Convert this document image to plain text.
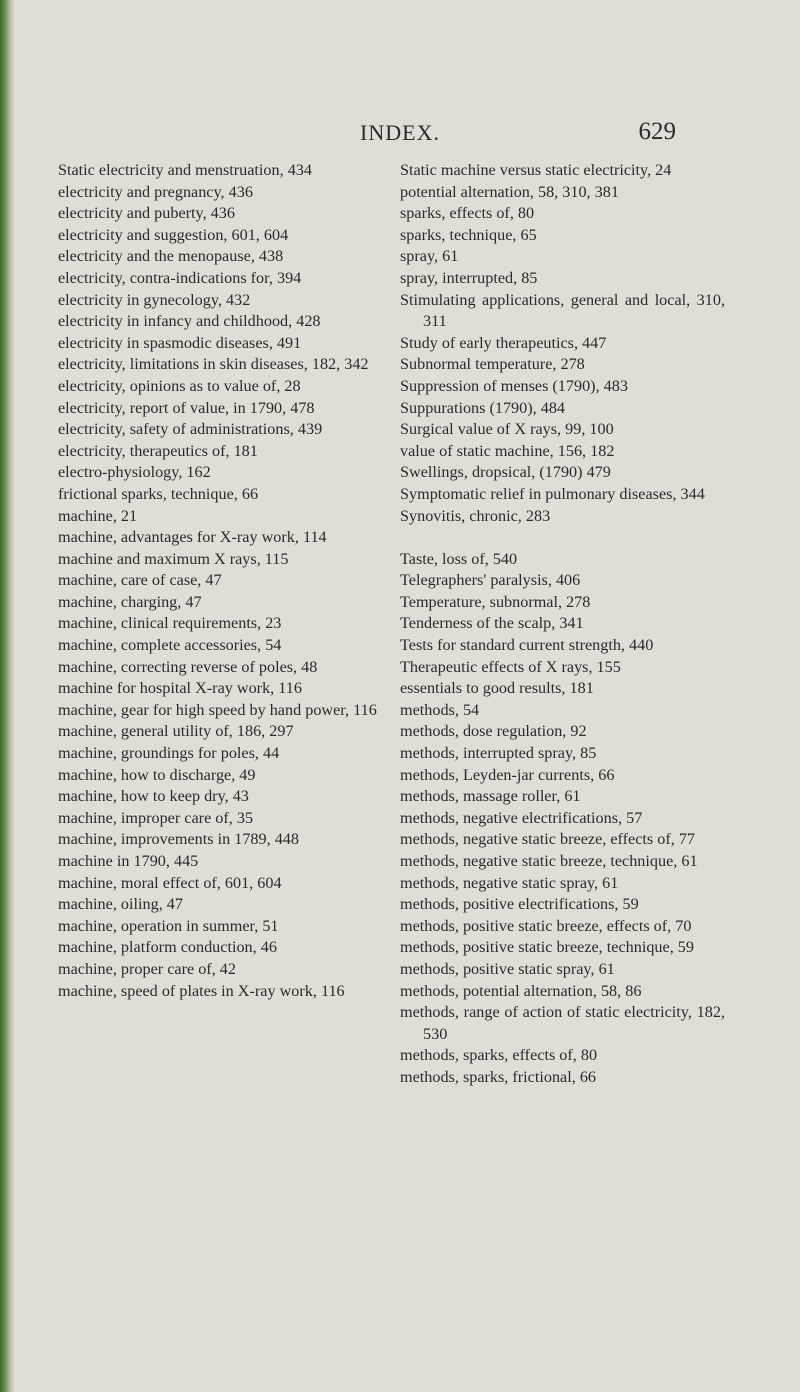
INDEX.	629
Static electricity and menstruation, 434
electricity and pregnancy, 436
electricity and puberty, 436
electricity and suggestion, 601, 604
electricity and the menopause, 438
electricity, contra-indications for, 394
electricity in gynecology, 432
electricity in infancy and childhood, 428
electricity in spasmodic diseases, 491
electricity, limitations in skin diseases, 182, 342
electricity, opinions as to value of, 28
electricity, report of value, in 1790, 478
electricity, safety of administrations, 439
electricity, therapeutics of, 181
electro-physiology, 162
frictional sparks, technique, 66
machine, 21
machine, advantages for X-ray work, 114
machine and maximum X rays, 115
machine, care of case, 47
machine, charging, 47
machine, clinical requirements, 23
machine, complete accessories, 54
machine, correcting reverse of poles, 48
machine for hospital X-ray work, 116
machine, gear for high speed by hand power, 116
machine, general utility of, 186, 297
machine, groundings for poles, 44
machine, how to discharge, 49
machine, how to keep dry, 43
machine, improper care of, 35
machine, improvements in 1789, 448
machine in 1790, 445
machine, moral effect of, 601, 604
machine, oiling, 47
machine, operation in summer, 51
machine, platform conduction, 46
machine, proper care of, 42
machine, speed of plates in X-ray work, 116
Static machine versus static electricity, 24
potential alternation, 58, 310, 381
sparks, effects of, 80
sparks, technique, 65
spray, 61
spray, interrupted, 85
Stimulating applications, general and local, 310, 311
Study of early therapeutics, 447
Subnormal temperature, 278
Suppression of menses (1790), 483
Suppurations (1790), 484
Surgical value of X rays, 99, 100
value of static machine, 156, 182
Swellings, dropsical, (1790) 479
Symptomatic relief in pulmonary diseases, 344
Synovitis, chronic, 283
Taste, loss of, 540
Telegraphers' paralysis, 406
Temperature, subnormal, 278
Tenderness of the scalp, 341
Tests for standard current strength, 440
Therapeutic effects of X rays, 155
essentials to good results, 181
methods, 54
methods, dose regulation, 92
methods, interrupted spray, 85
methods, Leyden-jar currents, 66
methods, massage roller, 61
methods, negative electrifications, 57
methods, negative static breeze, effects of, 77
methods, negative static breeze, technique, 61
methods, negative static spray, 61
methods, positive electrifications, 59
methods, positive static breeze, effects of, 70
methods, positive static breeze, technique, 59
methods, positive static spray, 61
methods, potential alternation, 58, 86
methods, range of action of static electricity, 182, 530
methods, sparks, effects of, 80
methods, sparks, frictional, 66
